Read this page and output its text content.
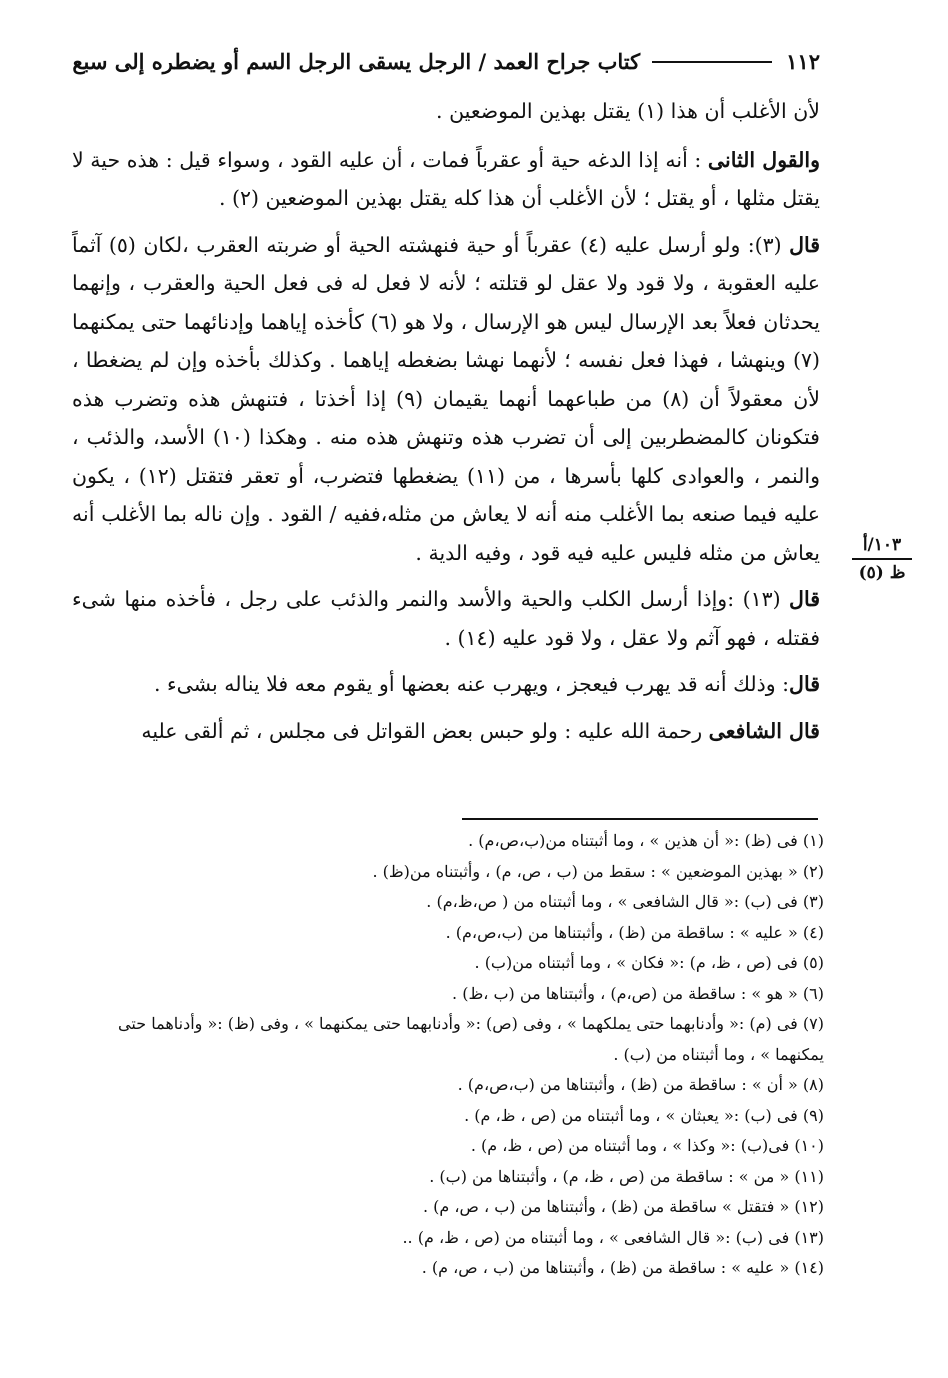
١١٢
كتاب جراح العمد / الرجل يسقى الرجل السم أو يضطره إلى سبع

لأن الأغلب أن هذا (١) يقتل بهذين الموضعين .

والقول الثانى : أنه إذا الدغه حية أو عقرباً فمات ، أن عليه القود ، وسواء قيل : هذه حية لا يقتل مثلها ، أو يقتل ؛ لأن الأغلب أن هذا كله يقتل بهذين الموضعين (٢) .

قال (٣): ولو أرسل عليه (٤) عقرباً أو حية فنهشته الحية أو ضربته العقرب ،لكان (٥) آثماً عليه العقوبة ، ولا قود ولا عقل لو قتلته ؛ لأنه لا فعل له فى فعل الحية والعقرب ، وإنهما يحدثان فعلاً بعد الإرسال ليس هو الإرسال ، ولا هو (٦) كأخذه إياهما وإدنائهما حتى يمكنهما (٧) وينهشا ، فهذا فعل نفسه ؛ لأنهما نهشا بضغطه إياهما . وكذلك بأخذه وإن لم يضغطا ، لأن معقولاً أن (٨) من طباعهما أنهما يقيمان (٩) إذا أخذتا ، فتنهش هذه وتضرب هذه فتكونان كالمضطربين إلى أن تضرب هذه وتنهش هذه منه . وهكذا (١٠) الأسد، والذئب ، والنمر ، والعوادى كلها بأسرها ، من (١١) يضغطها فتضرب، أو تعقر فتقتل (١٢) ، يكون عليه فيما صنعه بما الأغلب منه أنه لا يعاش من مثله،ففيه / القود . وإن ناله بما الأغلب أنه يعاش من مثله فليس عليه فيه قود ، وفيه الدية .

قال (١٣) :وإذا أرسل الكلب والحية والأسد والنمر والذئب على رجل ، فأخذه منها شىء فقتله ، فهو آثم ولا عقل ، ولا قود عليه (١٤) .

قال: وذلك أنه قد يهرب فيعجز ، ويهرب عنه بعضها أو يقوم معه فلا يناله بشىء .

قال الشافعى رحمة الله عليه : ولو حبس بعض القواتل فى مجلس ، ثم ألقى عليه

١٠٣/أ
ظ (٥)
(١) فى (ظ) :« أن هذين » ، وما أثبتناه من(ب،ص،م) .
(٢) « بهذين الموضعين » : سقط من (ب ، ص، م) ، وأثبتناه من(ظ) .
(٣) فى (ب) :« قال الشافعى » ، وما أثبتناه من ( ص،ظ،م) .
(٤) « عليه » : ساقطة من (ظ) ، وأثبتناها من (ب،ص،م) .
(٥) فى (ص ، ظ، م) :« فكان » ، وما أثبتناه من(ب) .
(٦) « هو » : ساقطة من (ص،م) ، وأثبتناها من (ب ،ظ) .
(٧) فى (م) :« وأدنابهما حتى يملكهما » ، وفى (ص) :« وأدنابهما حتى يمكنهما » ، وفى (ظ) :« وأدناهما حتى يمكنهما » ، وما أثبتناه من (ب) .
(٨) « أن » : ساقطة من (ظ) ، وأثبتناها من (ب،ص،م) .
(٩) فى (ب) :« يعبثان » ، وما أثبتناه من (ص ، ظ، م) .
(١٠) فى(ب) :« وكذا » ، وما أثبتناه من (ص ، ظ، م) .
(١١) « من » : ساقطة من (ص ، ظ، م) ، وأثبتناها من (ب) .
(١٢) « فتقتل » ساقطة من (ظ) ، وأثبتناها من (ب ، ص، م) .
(١٣) فى (ب) :« قال الشافعى » ، وما أثبتناه من (ص ، ظ، م) ..
(١٤) « عليه » : ساقطة من (ظ) ، وأثبتناها من (ب ، ص، م) .
